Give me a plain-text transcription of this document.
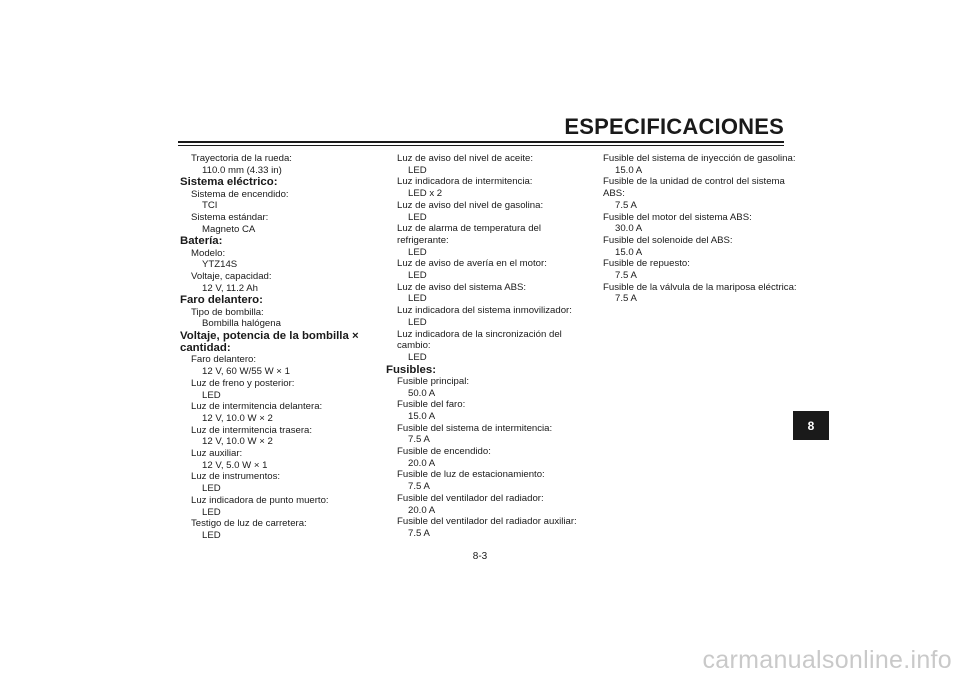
ESPECIFICACIONES
Trayectoria de la rueda:
110.0 mm (4.33 in)
Sistema eléctrico:
Sistema de encendido:
TCI
Sistema estándar:
Magneto CA
Batería:
Modelo:
YTZ14S
Voltaje, capacidad:
12 V, 11.2 Ah
Faro delantero:
Tipo de bombilla:
Bombilla halógena
Voltaje, potencia de la bombilla ×
cantidad:
Faro delantero:
12 V, 60 W/55 W × 1
Luz de freno y posterior:
LED
Luz de intermitencia delantera:
12 V, 10.0 W × 2
Luz de intermitencia trasera:
12 V, 10.0 W × 2
Luz auxiliar:
12 V, 5.0 W × 1
Luz de instrumentos:
LED
Luz indicadora de punto muerto:
LED
Testigo de luz de carretera:
LED
Luz de aviso del nivel de aceite:
LED
Luz indicadora de intermitencia:
LED x 2
Luz de aviso del nivel de gasolina:
LED
Luz de alarma de temperatura del
refrigerante:
LED
Luz de aviso de avería en el motor:
LED
Luz de aviso del sistema ABS:
LED
Luz indicadora del sistema inmovilizador:
LED
Luz indicadora de la sincronización del
cambio:
LED
Fusibles:
Fusible principal:
50.0 A
Fusible del faro:
15.0 A
Fusible del sistema de intermitencia:
7.5 A
Fusible de encendido:
20.0 A
Fusible de luz de estacionamiento:
7.5 A
Fusible del ventilador del radiador:
20.0 A
Fusible del ventilador del radiador auxiliar:
7.5 A
Fusible del sistema de inyección de gasolina:
15.0 A
Fusible de la unidad de control del sistema
ABS:
7.5 A
Fusible del motor del sistema ABS:
30.0 A
Fusible del solenoide del ABS:
15.0 A
Fusible de repuesto:
7.5 A
Fusible de la válvula de la mariposa eléctrica:
7.5 A
8
8-3
carmanualsonline.info
